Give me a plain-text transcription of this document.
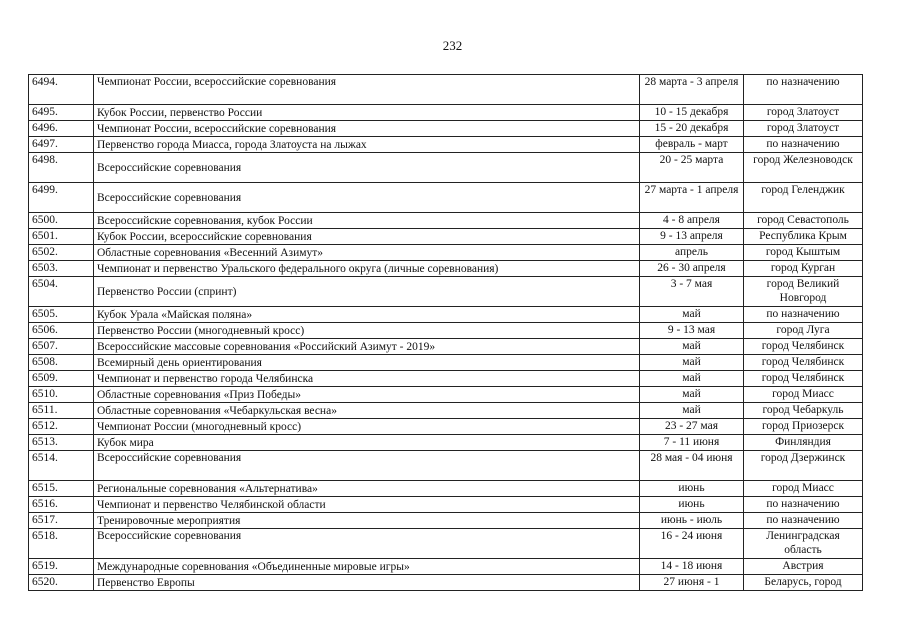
232
6494.	Чемпионат России, всероссийские соревнования	28 марта - 3 апреля	по назначению
6495.	Кубок России, первенство России	10 - 15 декабря	город Златоуст
6496.	Чемпионат России, всероссийские соревнования	15 - 20 декабря	город Златоуст
6497.	Первенство города Миасса, города Златоуста на лыжах	февраль - март	по назначению
6498.	Всероссийские соревнования	20 - 25 марта	город Железноводск
6499.	Всероссийские соревнования	27 марта - 1 апреля	город Геленджик
6500.	Всероссийские соревнования, кубок России	4 - 8 апреля	город Севастополь
6501.	Кубок России, всероссийские соревнования	9 - 13 апреля	Республика Крым
6502.	Областные соревнования «Весенний Азимут»	апрель	город Кыштым
6503.	Чемпионат и первенство Уральского федерального округа (личные соревнования)	26 - 30 апреля	город Курган
6504.	Первенство России (спринт)	3 - 7 мая	город Великий Новгород
6505.	Кубок Урала «Майская поляна»	май	по назначению
6506.	Первенство России (многодневный кросс)	9 - 13 мая	город Луга
6507.	Всероссийские массовые соревнования «Российский Азимут - 2019»	май	город Челябинск
6508.	Всемирный день ориентирования	май	город Челябинск
6509.	Чемпионат и первенство города Челябинска	май	город Челябинск
6510.	Областные соревнования «Приз Победы»	май	город Миасс
6511.	Областные соревнования «Чебаркульская весна»	май	город Чебаркуль
6512.	Чемпионат России (многодневный кросс)	23 - 27 мая	город Приозерск
6513.	Кубок мира	7 - 11 июня	Финляндия
6514.	Всероссийские соревнования	28 мая - 04 июня	город Дзержинск
6515.	Региональные соревнования «Альтернатива»	июнь	город Миасс
6516.	Чемпионат и первенство Челябинской области	июнь	по назначению
6517.	Тренировочные мероприятия	июнь - июль	по назначению
6518.	Всероссийские соревнования	16 - 24 июня	Ленинградская область
6519.	Международные соревнования «Объединенные мировые игры»	14 - 18 июня	Австрия
6520.	Первенство Европы	27 июня - 1	Беларусь, город
